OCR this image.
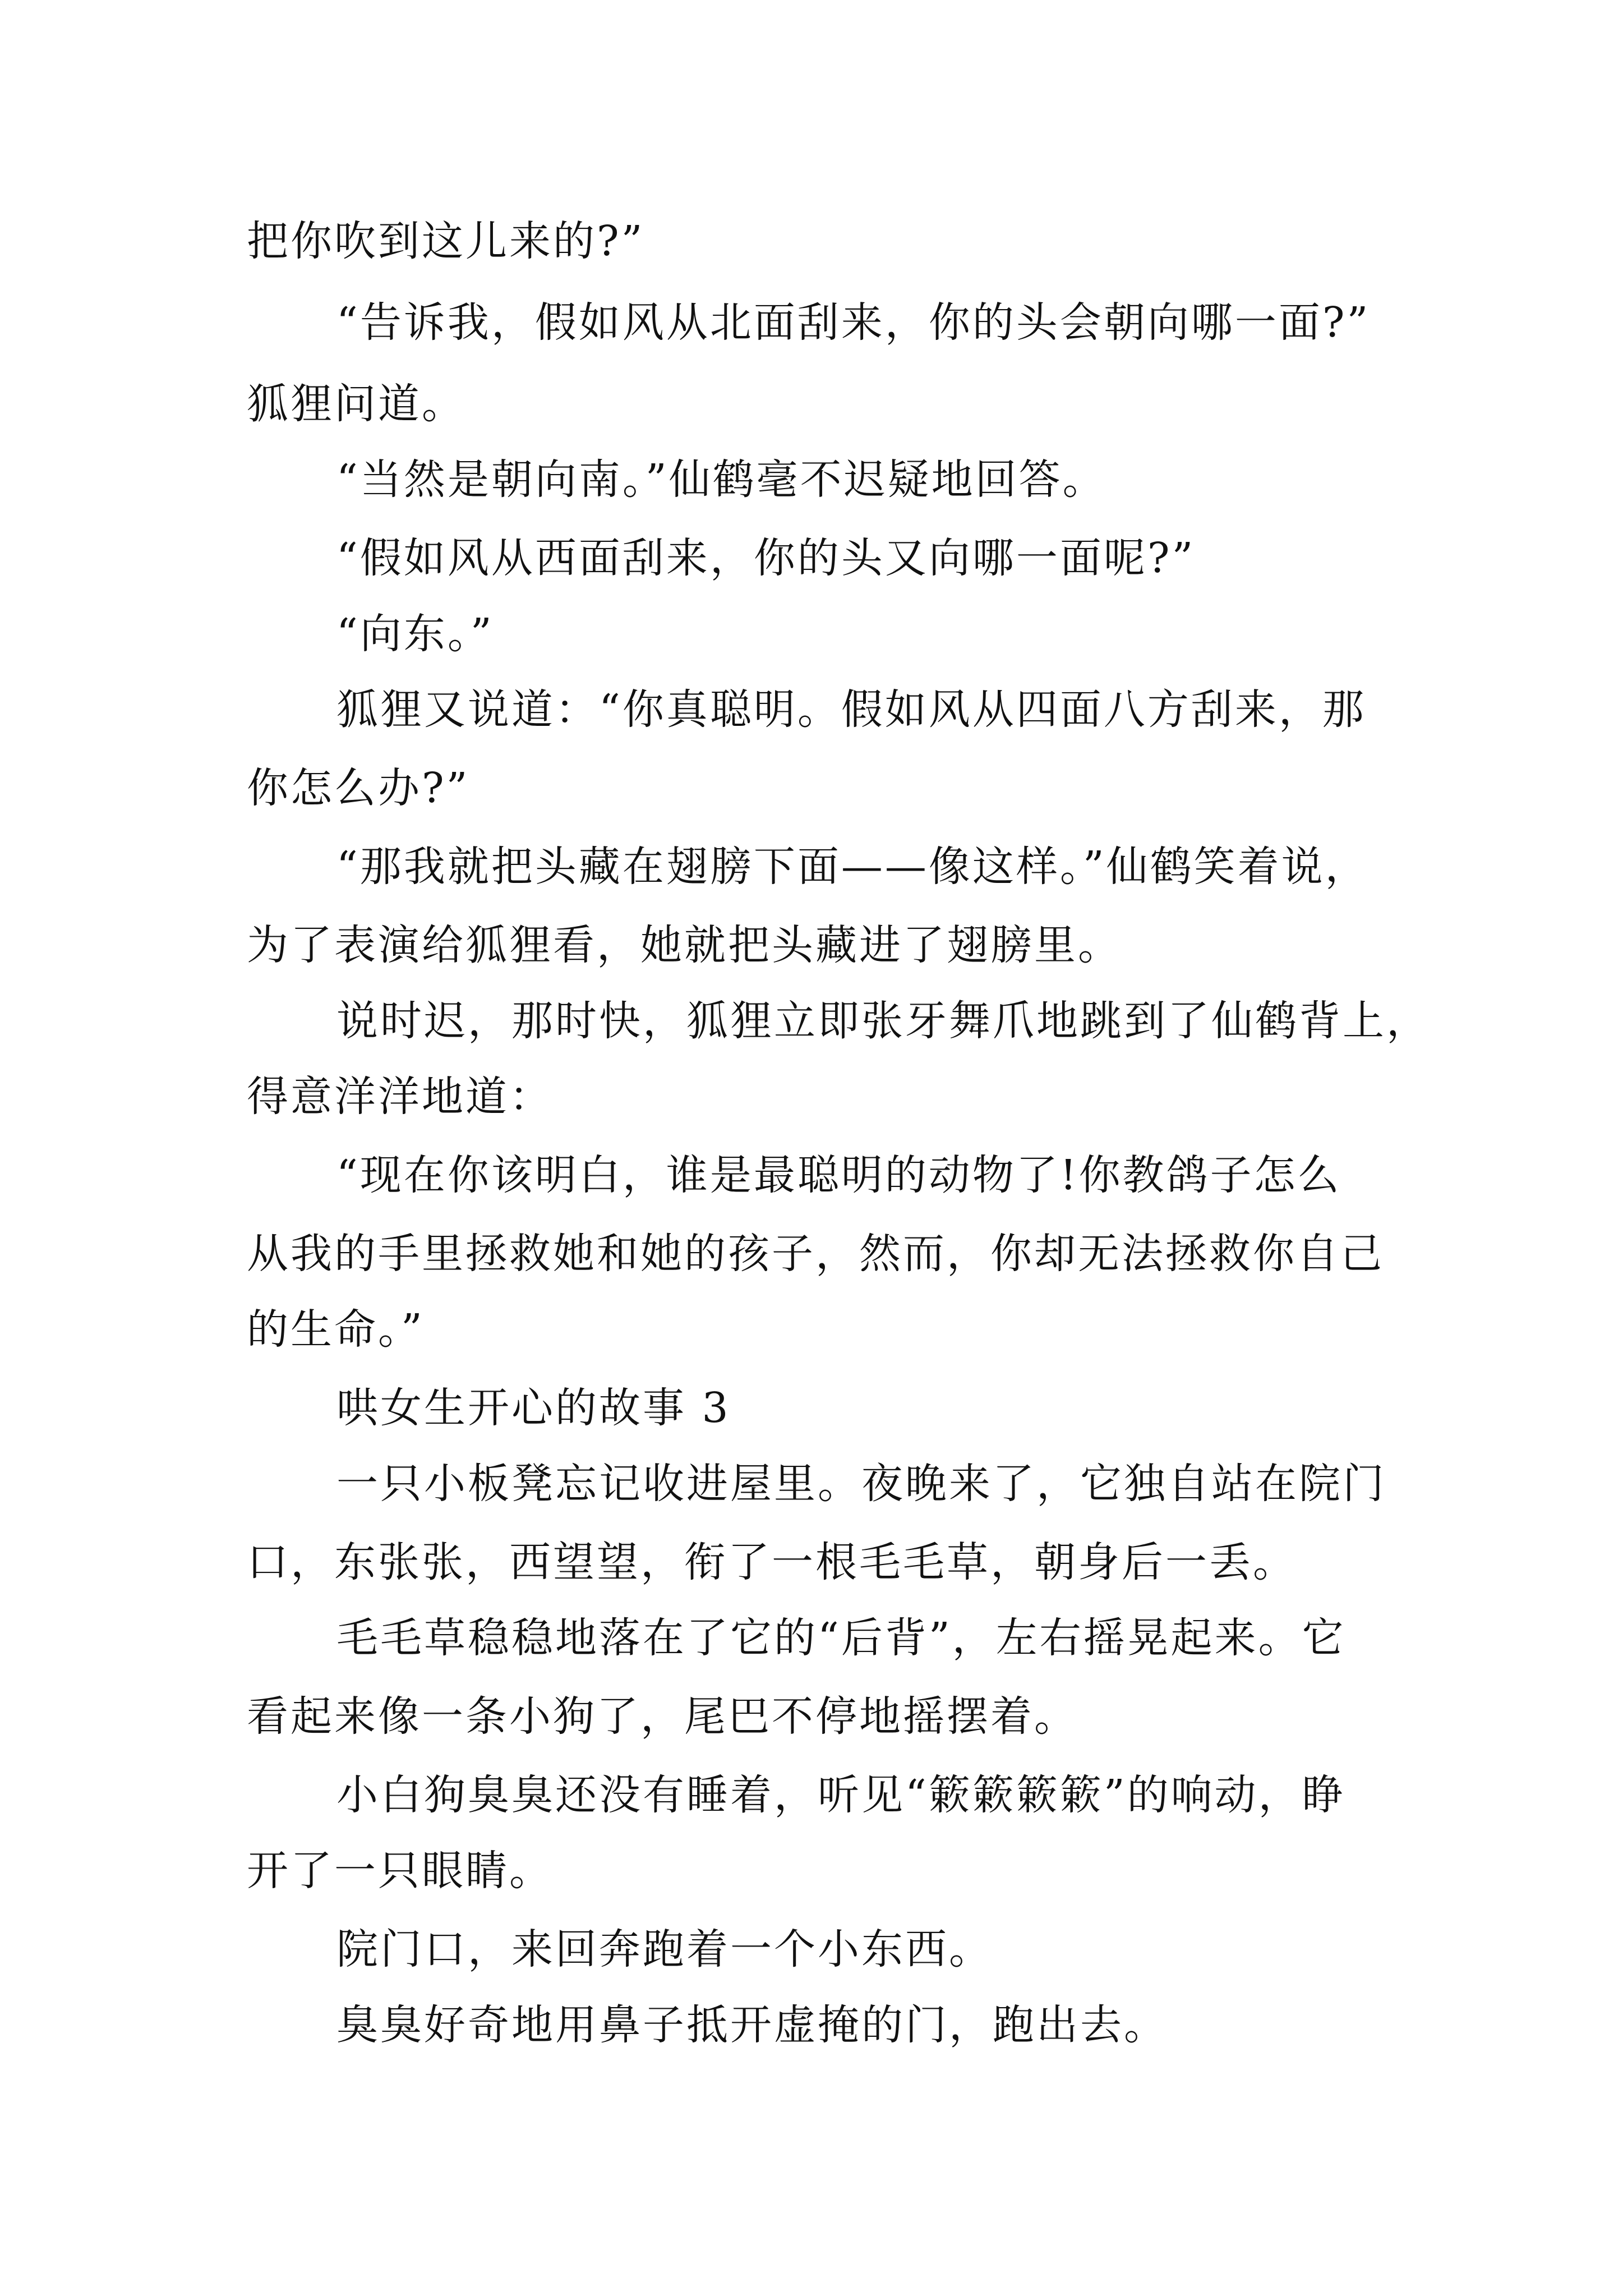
把你吹到这儿来的?”
“告诉我，假如风从北面刮来，你的头会朝向哪一面?”
狐狸问道。
“当然是朝向南。”仙鹤毫不迟疑地回答。
“假如风从西面刮来，你的头又向哪一面呢?”
“向东。”
狐狸又说道：“你真聪明。假如风从四面八方刮来，那
你怎么办?”
“那我就把头藏在翅膀下面——像这样。”仙鹤笑着说，
为了表演给狐狸看，她就把头藏进了翅膀里。
说时迟，那时快，狐狸立即张牙舞爪地跳到了仙鹤背上，
得意洋洋地道：
“现在你该明白，谁是最聪明的动物了!你教鸽子怎么
从我的手里拯救她和她的孩子，然而，你却无法拯救你自己
的生命。”
哄女生开心的故事 3
一只小板凳忘记收进屋里。夜晚来了，它独自站在院门
口，东张张，西望望，衔了一根毛毛草，朝身后一丢。
毛毛草稳稳地落在了它的“后背”，左右摇晃起来。它
看起来像一条小狗了，尾巴不停地摇摆着。
小白狗臭臭还没有睡着，听见“簌簌簌簌”的响动，睁
开了一只眼睛。
院门口，来回奔跑着一个小东西。
臭臭好奇地用鼻子抵开虚掩的门，跑出去。
